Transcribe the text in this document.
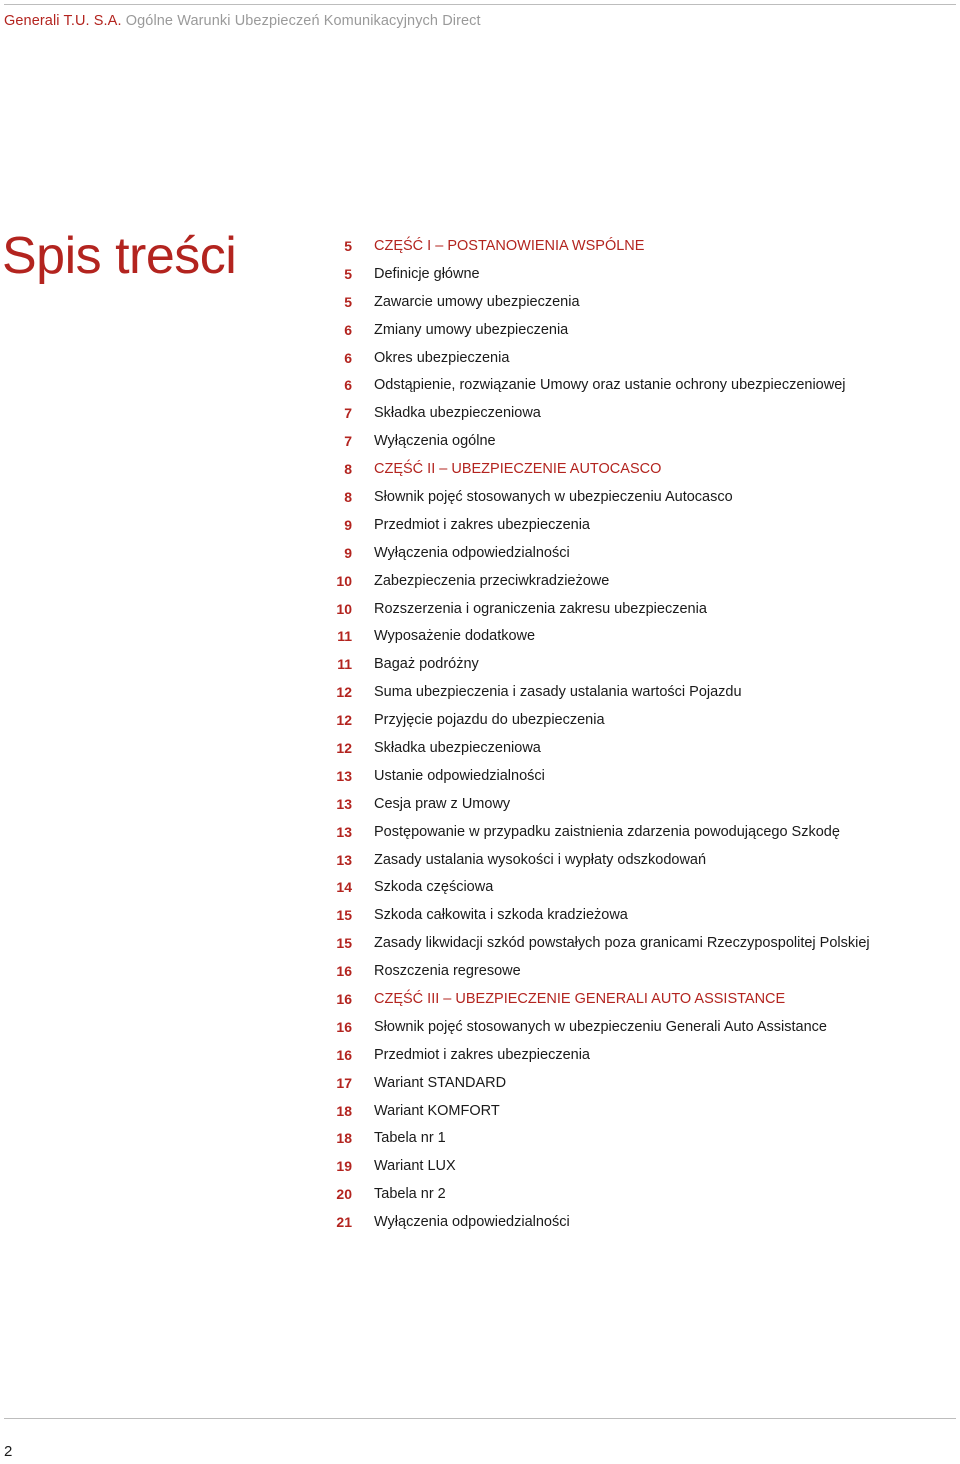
Generali T.U. S.A. Ogólne Warunki Ubezpieczeń Komunikacyjnych Direct
Spis treści	5 CZĘŚĆ I – POSTANOWIENIA WSPÓLNE
5 Definicje główne
5 Zawarcie umowy ubezpieczenia
6 Zmiany umowy ubezpieczenia
6 Okres ubezpieczenia
6 Odstąpienie, rozwiązanie Umowy oraz ustanie ochrony ubezpieczeniowej
7 Składka ubezpieczeniowa
7 Wyłączenia ogólne
8 CZĘŚĆ II – UBEZPIECZENIE AUTOCASCO
8 Słownik pojęć stosowanych w ubezpieczeniu Autocasco
9 Przedmiot i zakres ubezpieczenia
9 Wyłączenia odpowiedzialności
10 Zabezpieczenia przeciwkradzieżowe
10 Rozszerzenia i ograniczenia zakresu ubezpieczenia
11 Wyposażenie dodatkowe
11 Bagaż podróżny
12 Suma ubezpieczenia i zasady ustalania wartości Pojazdu
12 Przyjęcie pojazdu do ubezpieczenia
12 Składka ubezpieczeniowa
13 Ustanie odpowiedzialności
13 Cesja praw z Umowy
13 Postępowanie w przypadku zaistnienia zdarzenia powodującego Szkodę
13 Zasady ustalania wysokości i wypłaty odszkodowań
14 Szkoda częściowa
15 Szkoda całkowita i szkoda kradzieżowa
15 Zasady likwidacji szkód powstałych poza granicami Rzeczypospolitej Polskiej
16 Roszczenia regresowe
16 CZĘŚĆ III – UBEZPIECZENIE GENERALI AUTO ASSISTANCE
16 Słownik pojęć stosowanych w ubezpieczeniu Generali Auto Assistance
16 Przedmiot i zakres ubezpieczenia
17 Wariant STANDARD
18 Wariant KOMFORT
18 Tabela nr 1
19 Wariant LUX
20 Tabela nr 2
21 Wyłączenia odpowiedzialności
2
